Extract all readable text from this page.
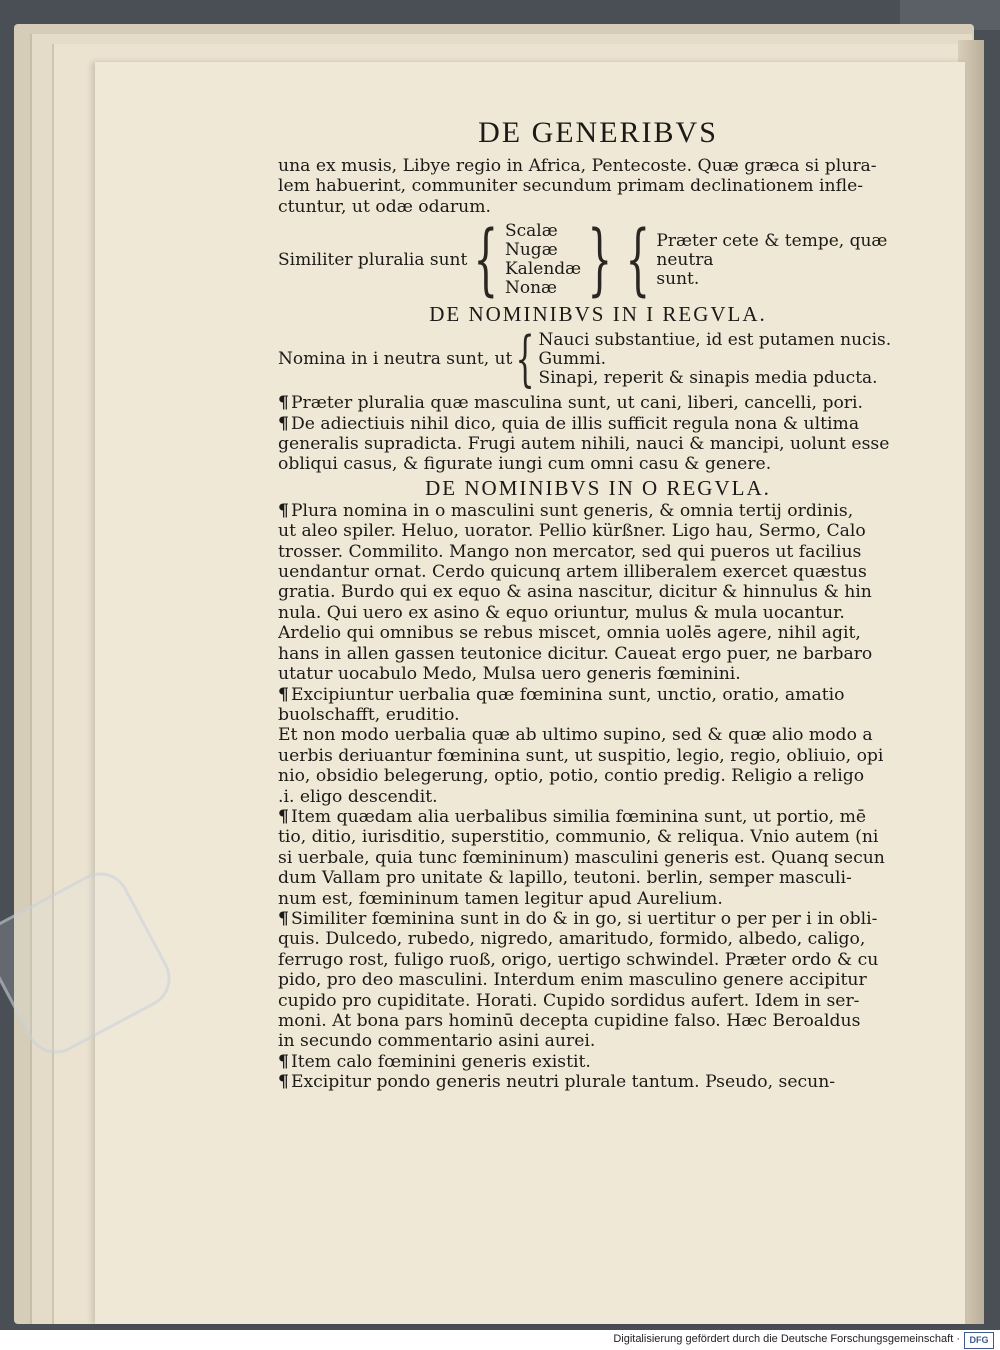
DE GENERIBVS
una ex musis, Libye regio in Africa, Pentecoste. Quæ græca si plura-
lem habuerint, communiter secundum primam declinationem infle-
ctuntur, ut odæ odarum.
Similiter pluralia sunt { Scalæ
Nugæ
Kalendæ
Nonæ } { Præter cete & tempe, quæ neutra
sunt.
DE NOMINIBVS IN I REGVLA.
Nomina in i neutra sunt, ut { Nauci substantiue, id est putamen nucis.
Gummi.
Sinapi, reperit & sinapis media pducta.

¶ Præter pluralia quæ masculina sunt, ut cani, liberi, cancelli, pori.

¶ De adiectiuis nihil dico, quia de illis sufficit regula nona & ultima generalis supradicta. Frugi autem nihili, nauci & mancipi, uolunt esse obliqui casus, & figurate iungi cum omni casu & genere.

DE NOMINIBVS IN O REGVLA.
¶ Plura nomina in o masculini sunt generis, & omnia tertij ordinis,
ut aleo spiler. Heluo, uorator. Pellio kürßner. Ligo hau, Sermo, Calo
trosser. Commilito. Mango non mercator, sed qui pueros ut facilius
uendantur ornat. Cerdo quicunq artem illiberalem exercet quæstus
gratia. Burdo qui ex equo & asina nascitur, dicitur & hinnulus & hin
nula. Qui uero ex asino & equo oriuntur, mulus & mula uocantur.
Ardelio qui omnibus se rebus miscet, omnia uolēs agere, nihil agit,
hans in allen gassen teutonice dicitur. Caueat ergo puer, ne barbaro
utatur uocabulo Medo, Mulsa uero generis fœminini.
¶ Excipiuntur uerbalia quæ fœminina sunt, unctio, oratio, amatio
buolschafft, eruditio.
Et non modo uerbalia quæ ab ultimo supino, sed & quæ alio modo a
uerbis deriuantur fœminina sunt, ut suspitio, legio, regio, obliuio, opi
nio, obsidio belegerung, optio, potio, contio predig. Religio a religo
.i. eligo descendit.
¶ Item quædam alia uerbalibus similia fœminina sunt, ut portio, mē
tio, ditio, iurisditio, superstitio, communio, & reliqua. Vnio autem (ni
si uerbale, quia tunc fœmininum) masculini generis est. Quanq secun
dum Vallam pro unitate & lapillo, teutoni. berlin, semper masculi-
num est, fœmininum tamen legitur apud Aurelium.
¶ Similiter fœminina sunt in do & in go, si uertitur o per per i in obli-
quis. Dulcedo, rubedo, nigredo, amaritudo, formido, albedo, caligo,
ferrugo rost, fuligo ruoß, origo, uertigo schwindel. Præter ordo & cu
pido, pro deo masculini. Interdum enim masculino genere accipitur
cupido pro cupiditate. Horati. Cupido sordidus aufert. Idem in ser-
moni. At bona pars hominū decepta cupidine falso. Hæc Beroaldus
in secundo commentario asini aurei.
¶ Item calo fœminini generis existit.
¶ Excipitur pondo generis neutri plurale tantum. Pseudo, secun-
Digitalisierung gefördert durch die Deutsche Forschungsgemeinschaft ·	DFG
